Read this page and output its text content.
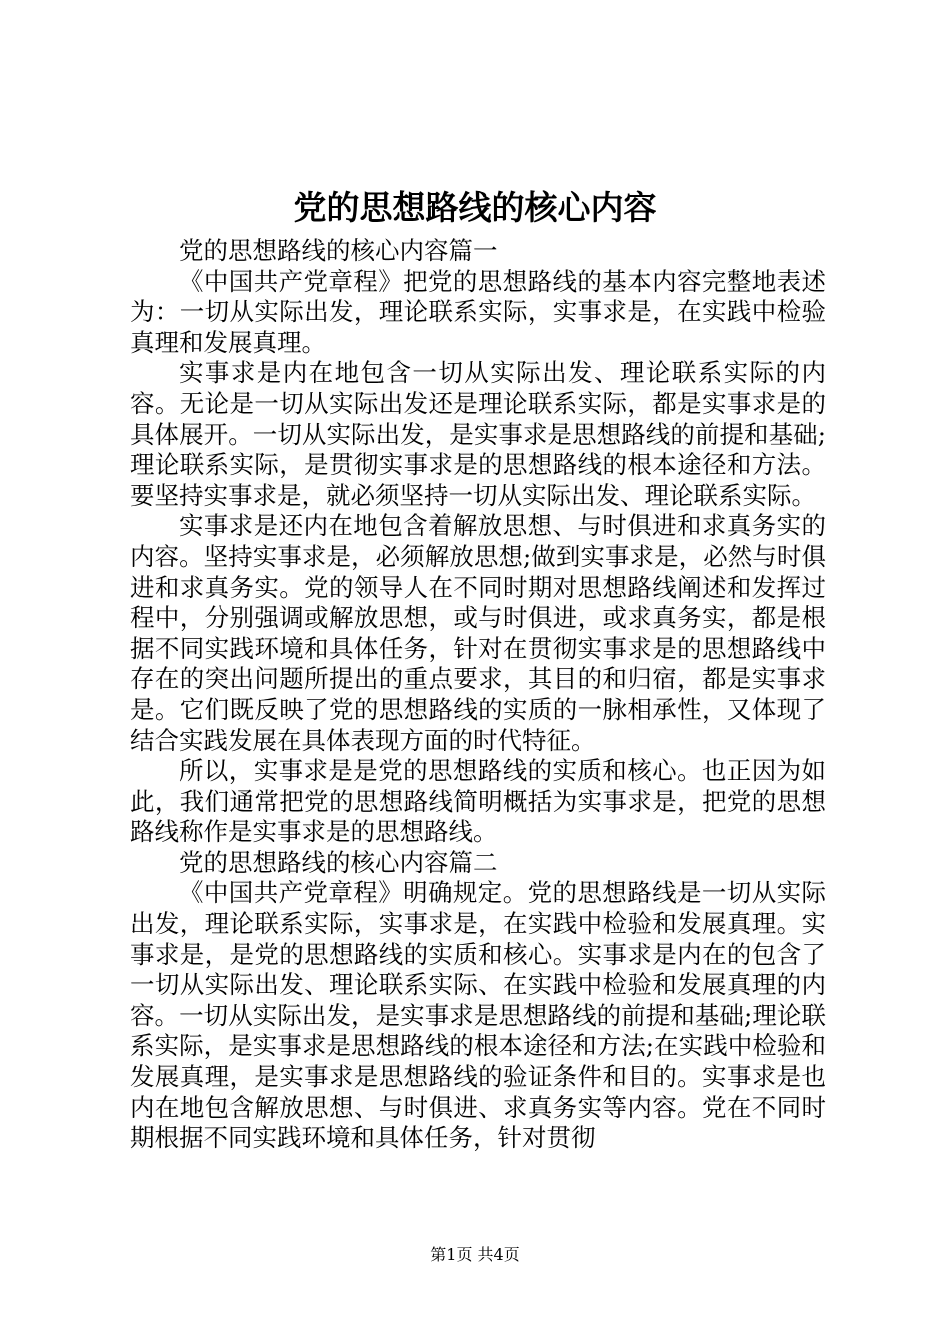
党的思想路线的核心内容

党的思想路线的核心内容篇一

《中国共产党章程》把党的思想路线的基本内容完整地表述为：一切从实际出发，理论联系实际，实事求是，在实践中检验真理和发展真理。

实事求是内在地包含一切从实际出发、理论联系实际的内容。无论是一切从实际出发还是理论联系实际，都是实事求是的具体展开。一切从实际出发，是实事求是思想路线的前提和基础;理论联系实际，是贯彻实事求是的思想路线的根本途径和方法。要坚持实事求是，就必须坚持一切从实际出发、理论联系实际。

实事求是还内在地包含着解放思想、与时俱进和求真务实的内容。坚持实事求是，必须解放思想;做到实事求是，必然与时俱进和求真务实。党的领导人在不同时期对思想路线阐述和发挥过程中，分别强调或解放思想，或与时俱进，或求真务实，都是根据不同实践环境和具体任务，针对在贯彻实事求是的思想路线中存在的突出问题所提出的重点要求，其目的和归宿，都是实事求是。它们既反映了党的思想路线的实质的一脉相承性，又体现了结合实践发展在具体表现方面的时代特征。

所以，实事求是是党的思想路线的实质和核心。也正因为如此，我们通常把党的思想路线简明概括为实事求是，把党的思想路线称作是实事求是的思想路线。

党的思想路线的核心内容篇二

《中国共产党章程》明确规定。党的思想路线是一切从实际出发，理论联系实际，实事求是，在实践中检验和发展真理。实事求是，是党的思想路线的实质和核心。实事求是内在的包含了一切从实际出发、理论联系实际、在实践中检验和发展真理的内容。一切从实际出发，是实事求是思想路线的前提和基础;理论联系实际，是实事求是思想路线的根本途径和方法;在实践中检验和发展真理，是实事求是思想路线的验证条件和目的。实事求是也内在地包含解放思想、与时俱进、求真务实等内容。党在不同时期根据不同实践环境和具体任务，针对贯彻

第1页 共4页
